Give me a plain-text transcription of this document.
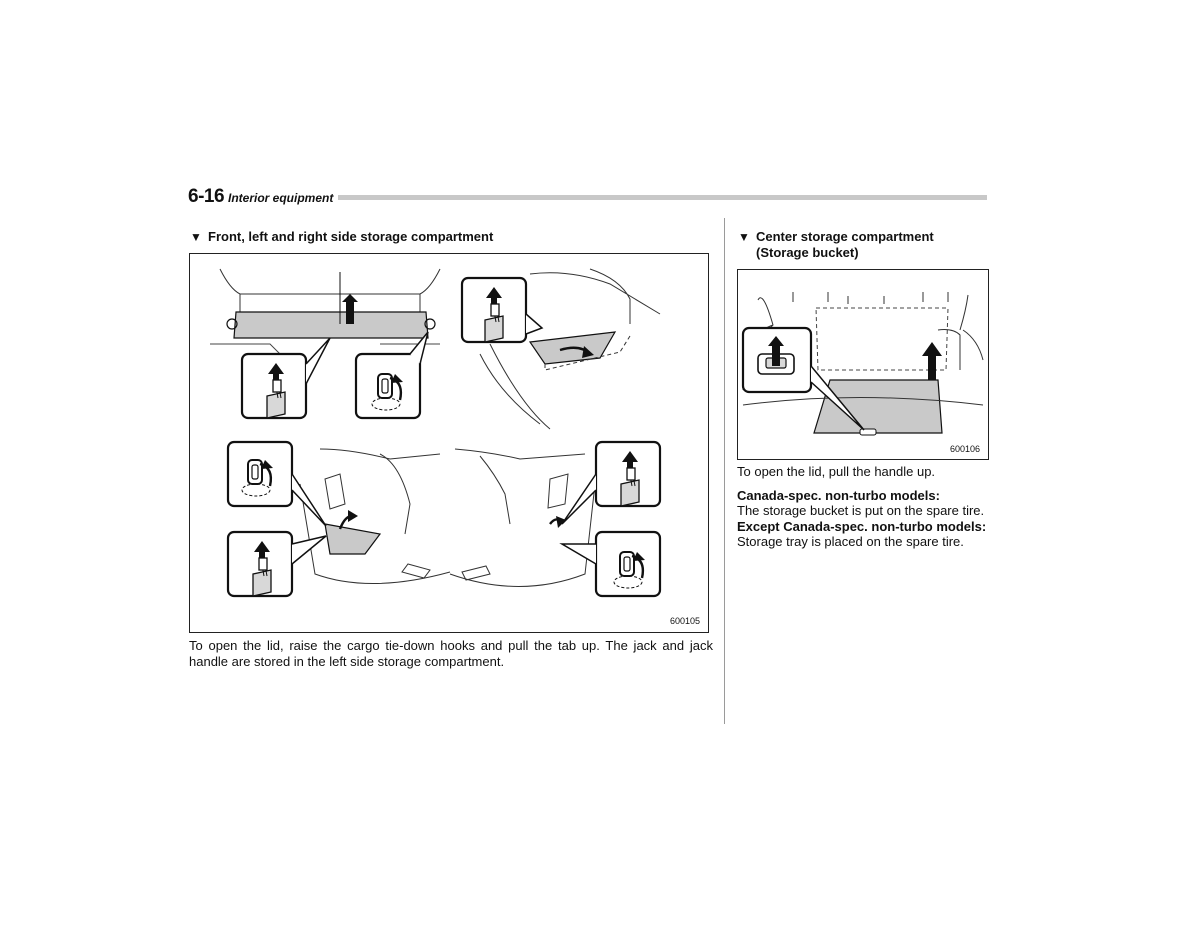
6-16 Interior equipment
▼ Front, left and right side storage compartment
600105
To open the lid, raise the cargo tie-down hooks and pull the tab up. The jack and jack handle are stored in the left side storage compartment.
▼ Center storage compartment (Storage bucket)
600106

To open the lid, pull the handle up.

Canada-spec. non-turbo models:

The storage bucket is put on the spare tire.

Except Canada-spec. non-turbo models:

Storage tray is placed on the spare tire.
